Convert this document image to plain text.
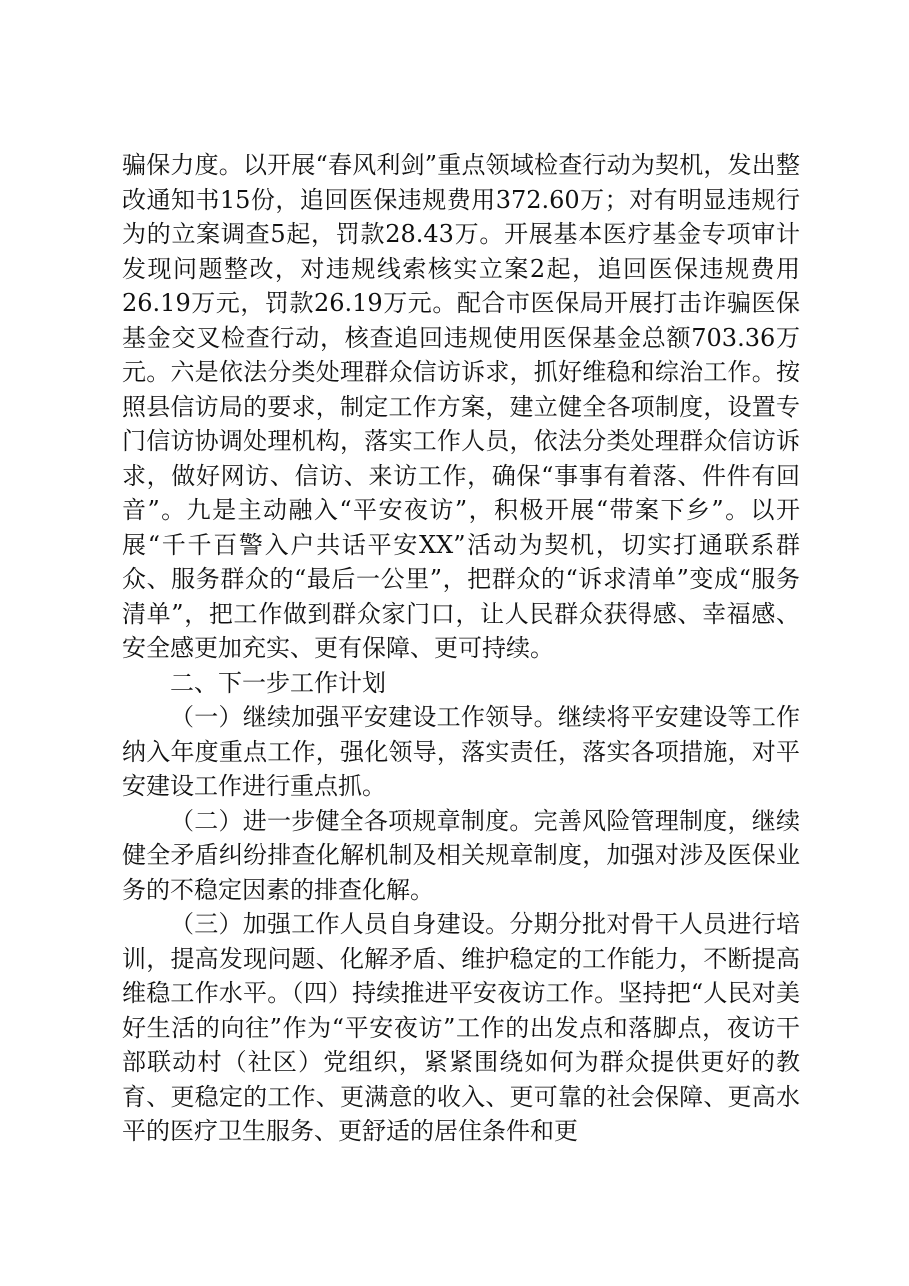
骗保力度。以开展“春风利剑”重点领域检查行动为契机，发出整改通知书15份，追回医保违规费用372.60万；对有明显违规行为的立案调查5起，罚款28.43万。开展基本医疗基金专项审计发现问题整改，对违规线索核实立案2起，追回医保违规费用26.19万元，罚款26.19万元。配合市医保局开展打击诈骗医保基金交叉检查行动，核查追回违规使用医保基金总额703.36万元。六是依法分类处理群众信访诉求，抓好维稳和综治工作。按照县信访局的要求，制定工作方案，建立健全各项制度，设置专门信访协调处理机构，落实工作人员，依法分类处理群众信访诉求，做好网访、信访、来访工作，确保“事事有着落、件件有回音”。九是主动融入“平安夜访”，积极开展“带案下乡”。以开展“千千百警入户共话平安XX”活动为契机，切实打通联系群众、服务群众的“最后一公里”，把群众的“诉求清单”变成“服务清单”，把工作做到群众家门口，让人民群众获得感、幸福感、安全感更加充实、更有保障、更可持续。

二、下一步工作计划

（一）继续加强平安建设工作领导。继续将平安建设等工作纳入年度重点工作，强化领导，落实责任，落实各项措施，对平安建设工作进行重点抓。

（二）进一步健全各项规章制度。完善风险管理制度，继续健全矛盾纠纷排查化解机制及相关规章制度，加强对涉及医保业务的不稳定因素的排查化解。

（三）加强工作人员自身建设。分期分批对骨干人员进行培训，提高发现问题、化解矛盾、维护稳定的工作能力，不断提高维稳工作水平。（四）持续推进平安夜访工作。坚持把“人民对美好生活的向往”作为“平安夜访”工作的出发点和落脚点，夜访干部联动村（社区）党组织，紧紧围绕如何为群众提供更好的教育、更稳定的工作、更满意的收入、更可靠的社会保障、更高水平的医疗卫生服务、更舒适的居住条件和更
